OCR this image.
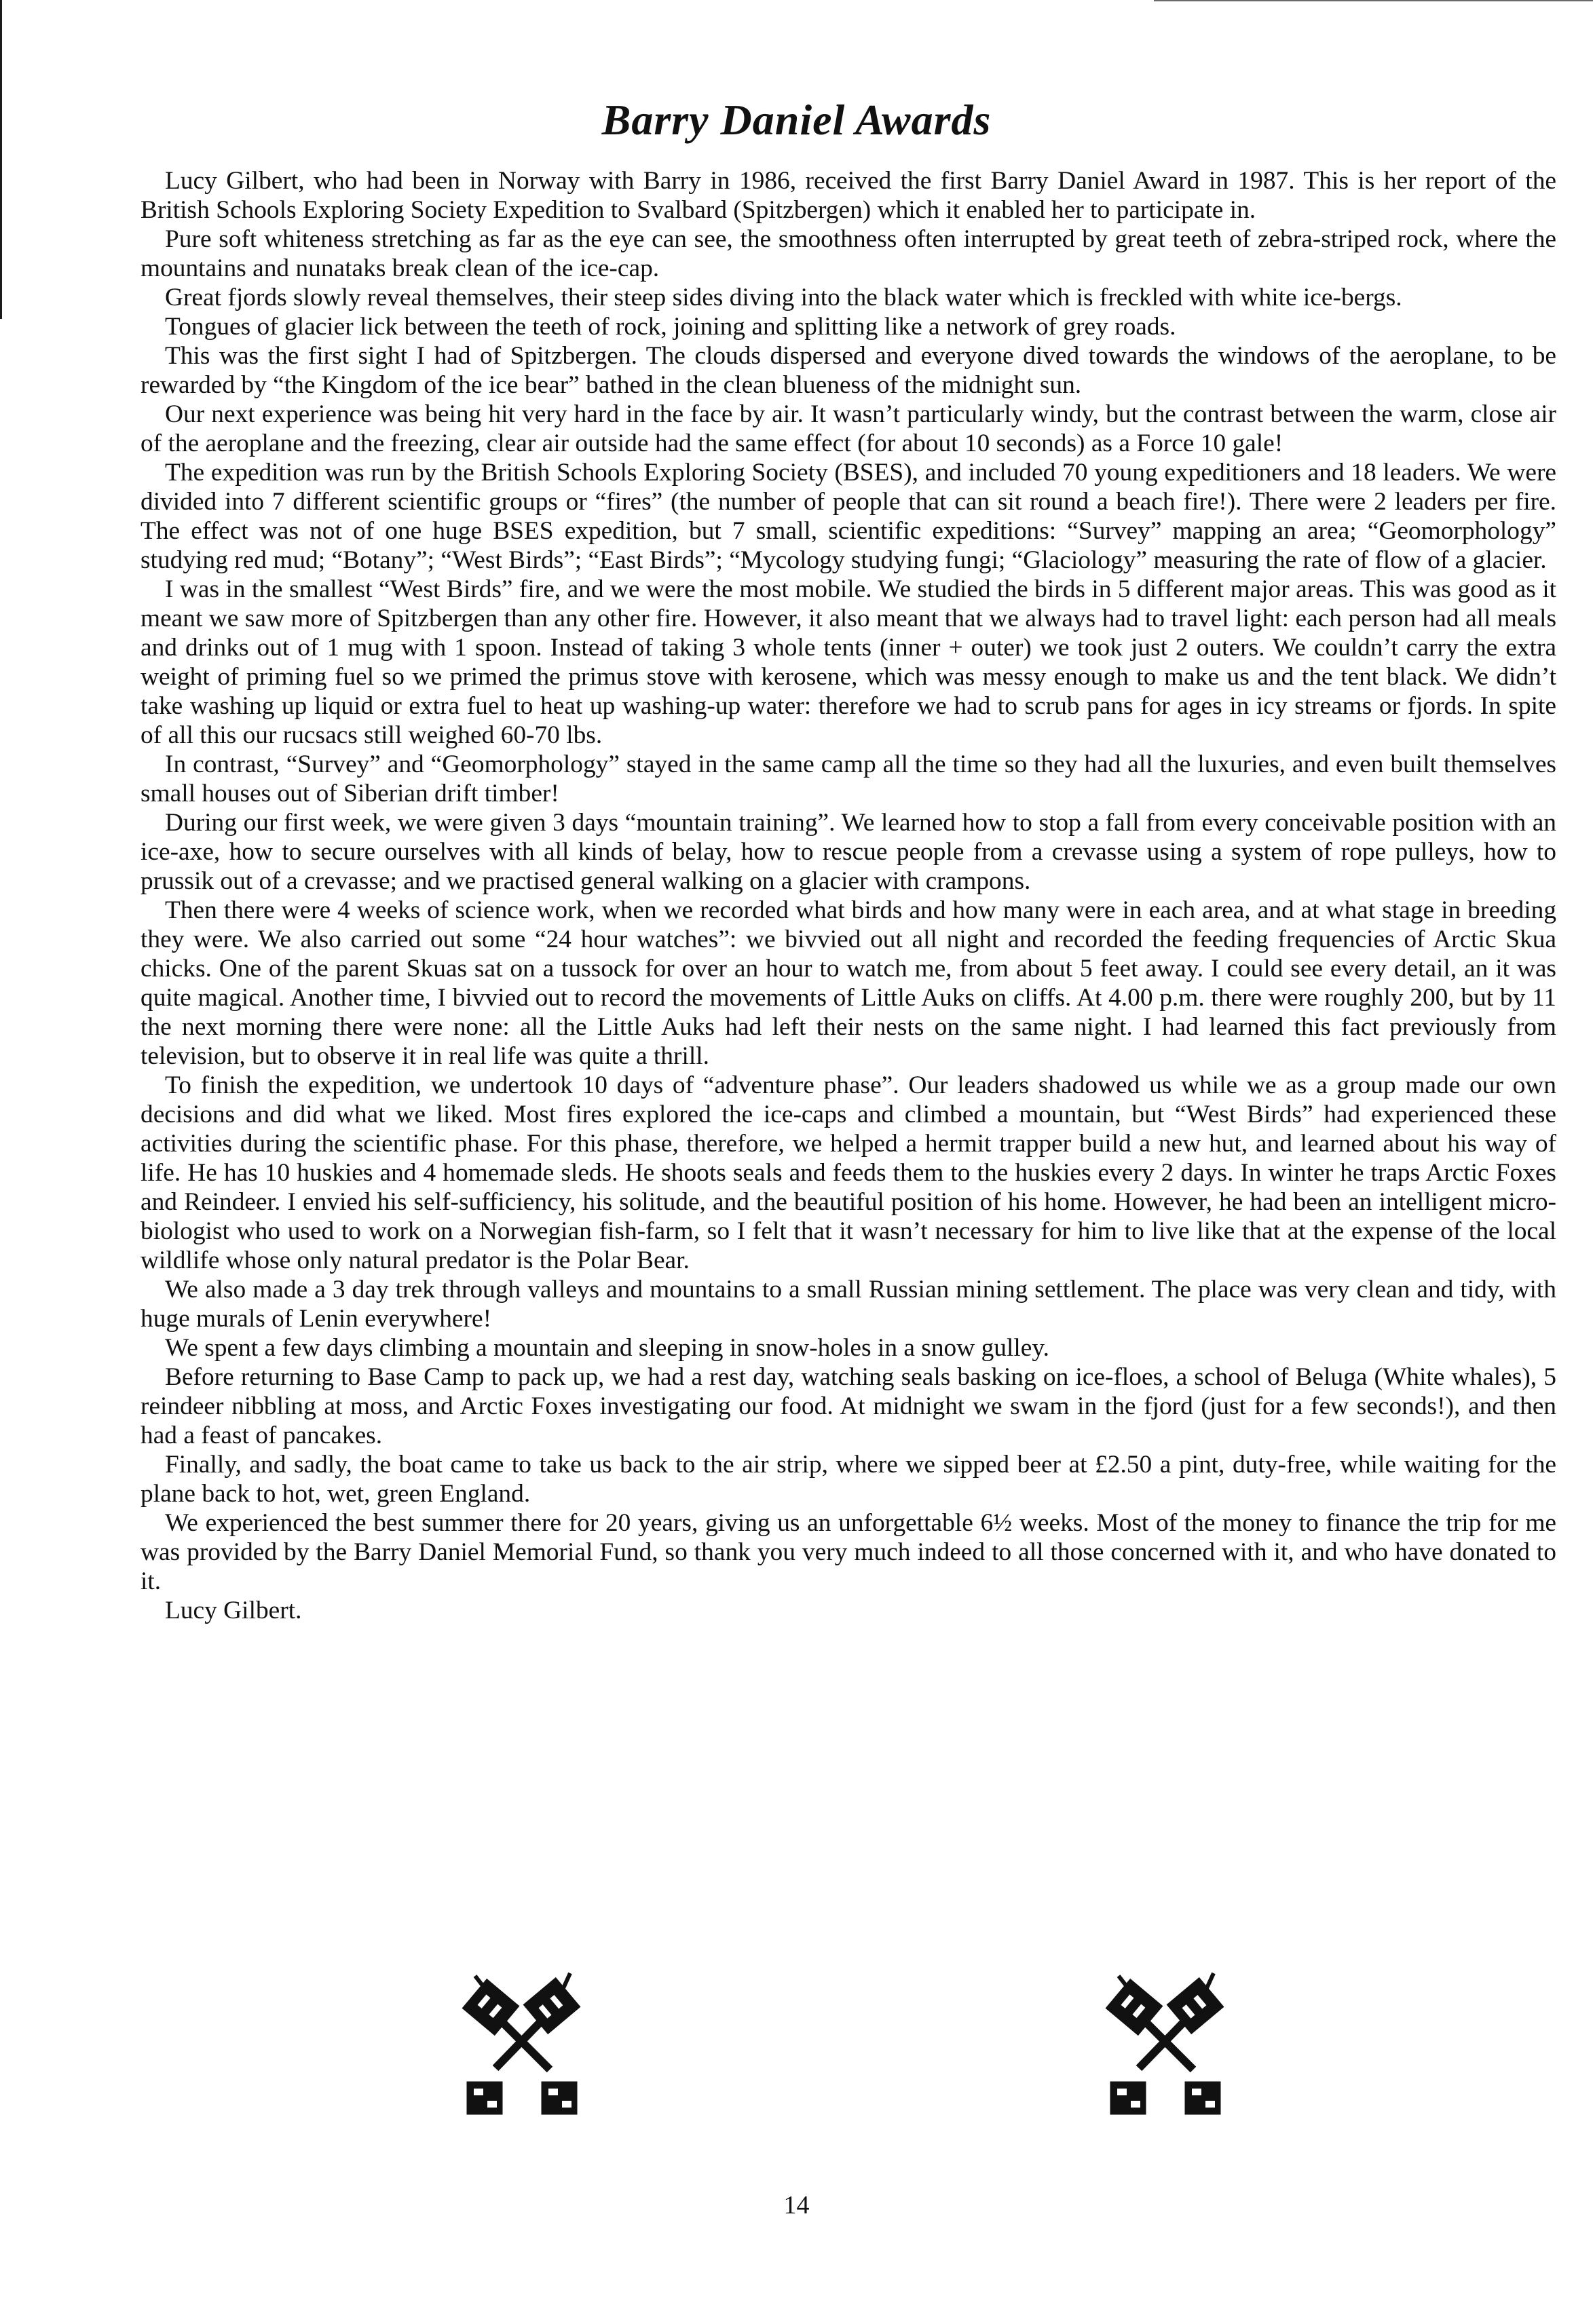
Barry Daniel Awards

Lucy Gilbert, who had been in Norway with Barry in 1986, received the first Barry Daniel Award in 1987. This is her report of the British Schools Exploring Society Expedition to Svalbard (Spitzbergen) which it enabled her to participate in.

Pure soft whiteness stretching as far as the eye can see, the smoothness often interrupted by great teeth of zebra-striped rock, where the mountains and nunataks break clean of the ice-cap.

Great fjords slowly reveal themselves, their steep sides diving into the black water which is freckled with white ice-bergs.

Tongues of glacier lick between the teeth of rock, joining and splitting like a network of grey roads.

This was the first sight I had of Spitzbergen. The clouds dispersed and everyone dived towards the windows of the aeroplane, to be rewarded by “the Kingdom of the ice bear” bathed in the clean blueness of the midnight sun.

Our next experience was being hit very hard in the face by air. It wasn’t particularly windy, but the contrast between the warm, close air of the aeroplane and the freezing, clear air outside had the same effect (for about 10 seconds) as a Force 10 gale!

The expedition was run by the British Schools Exploring Society (BSES), and included 70 young expeditioners and 18 leaders. We were divided into 7 different scientific groups or “fires” (the number of people that can sit round a beach fire!). There were 2 leaders per fire. The effect was not of one huge BSES expedition, but 7 small, scientific expeditions: “Survey” mapping an area; “Geomorphology” studying red mud; “Botany”; “West Birds”; “East Birds”; “Mycology studying fungi; “Glaciology” measuring the rate of flow of a glacier.

I was in the smallest “West Birds” fire, and we were the most mobile. We studied the birds in 5 different major areas. This was good as it meant we saw more of Spitzbergen than any other fire. However, it also meant that we always had to travel light: each person had all meals and drinks out of 1 mug with 1 spoon. Instead of taking 3 whole tents (inner + outer) we took just 2 outers. We couldn’t carry the extra weight of priming fuel so we primed the primus stove with kerosene, which was messy enough to make us and the tent black. We didn’t take washing up liquid or extra fuel to heat up washing-up water: therefore we had to scrub pans for ages in icy streams or fjords. In spite of all this our rucsacs still weighed 60-70 lbs.

In contrast, “Survey” and “Geomorphology” stayed in the same camp all the time so they had all the luxuries, and even built themselves small houses out of Siberian drift timber!

During our first week, we were given 3 days “mountain training”. We learned how to stop a fall from every conceivable position with an ice-axe, how to secure ourselves with all kinds of belay, how to rescue people from a crevasse using a system of rope pulleys, how to prussik out of a crevasse; and we practised general walking on a glacier with crampons.

Then there were 4 weeks of science work, when we recorded what birds and how many were in each area, and at what stage in breeding they were. We also carried out some “24 hour watches”: we bivvied out all night and recorded the feeding frequencies of Arctic Skua chicks. One of the parent Skuas sat on a tussock for over an hour to watch me, from about 5 feet away. I could see every detail, an it was quite magical. Another time, I bivvied out to record the movements of Little Auks on cliffs. At 4.00 p.m. there were roughly 200, but by 11 the next morning there were none: all the Little Auks had left their nests on the same night. I had learned this fact previously from television, but to observe it in real life was quite a thrill.

To finish the expedition, we undertook 10 days of “adventure phase”. Our leaders shadowed us while we as a group made our own decisions and did what we liked. Most fires explored the ice-caps and climbed a mountain, but “West Birds” had experienced these activities during the scientific phase. For this phase, therefore, we helped a hermit trapper build a new hut, and learned about his way of life. He has 10 huskies and 4 homemade sleds. He shoots seals and feeds them to the huskies every 2 days. In winter he traps Arctic Foxes and Reindeer. I envied his self-sufficiency, his solitude, and the beautiful position of his home. However, he had been an intelligent micro-biologist who used to work on a Norwegian fish-farm, so I felt that it wasn’t necessary for him to live like that at the expense of the local wildlife whose only natural predator is the Polar Bear.

We also made a 3 day trek through valleys and mountains to a small Russian mining settlement. The place was very clean and tidy, with huge murals of Lenin everywhere!

We spent a few days climbing a mountain and sleeping in snow-holes in a snow gulley.

Before returning to Base Camp to pack up, we had a rest day, watching seals basking on ice-floes, a school of Beluga (White whales), 5 reindeer nibbling at moss, and Arctic Foxes investigating our food. At midnight we swam in the fjord (just for a few seconds!), and then had a feast of pancakes.

Finally, and sadly, the boat came to take us back to the air strip, where we sipped beer at £2.50 a pint, duty-free, while waiting for the plane back to hot, wet, green England.

We experienced the best summer there for 20 years, giving us an unforgettable 6½ weeks. Most of the money to finance the trip for me was provided by the Barry Daniel Memorial Fund, so thank you very much indeed to all those concerned with it, and who have donated to it.

Lucy Gilbert.

14
